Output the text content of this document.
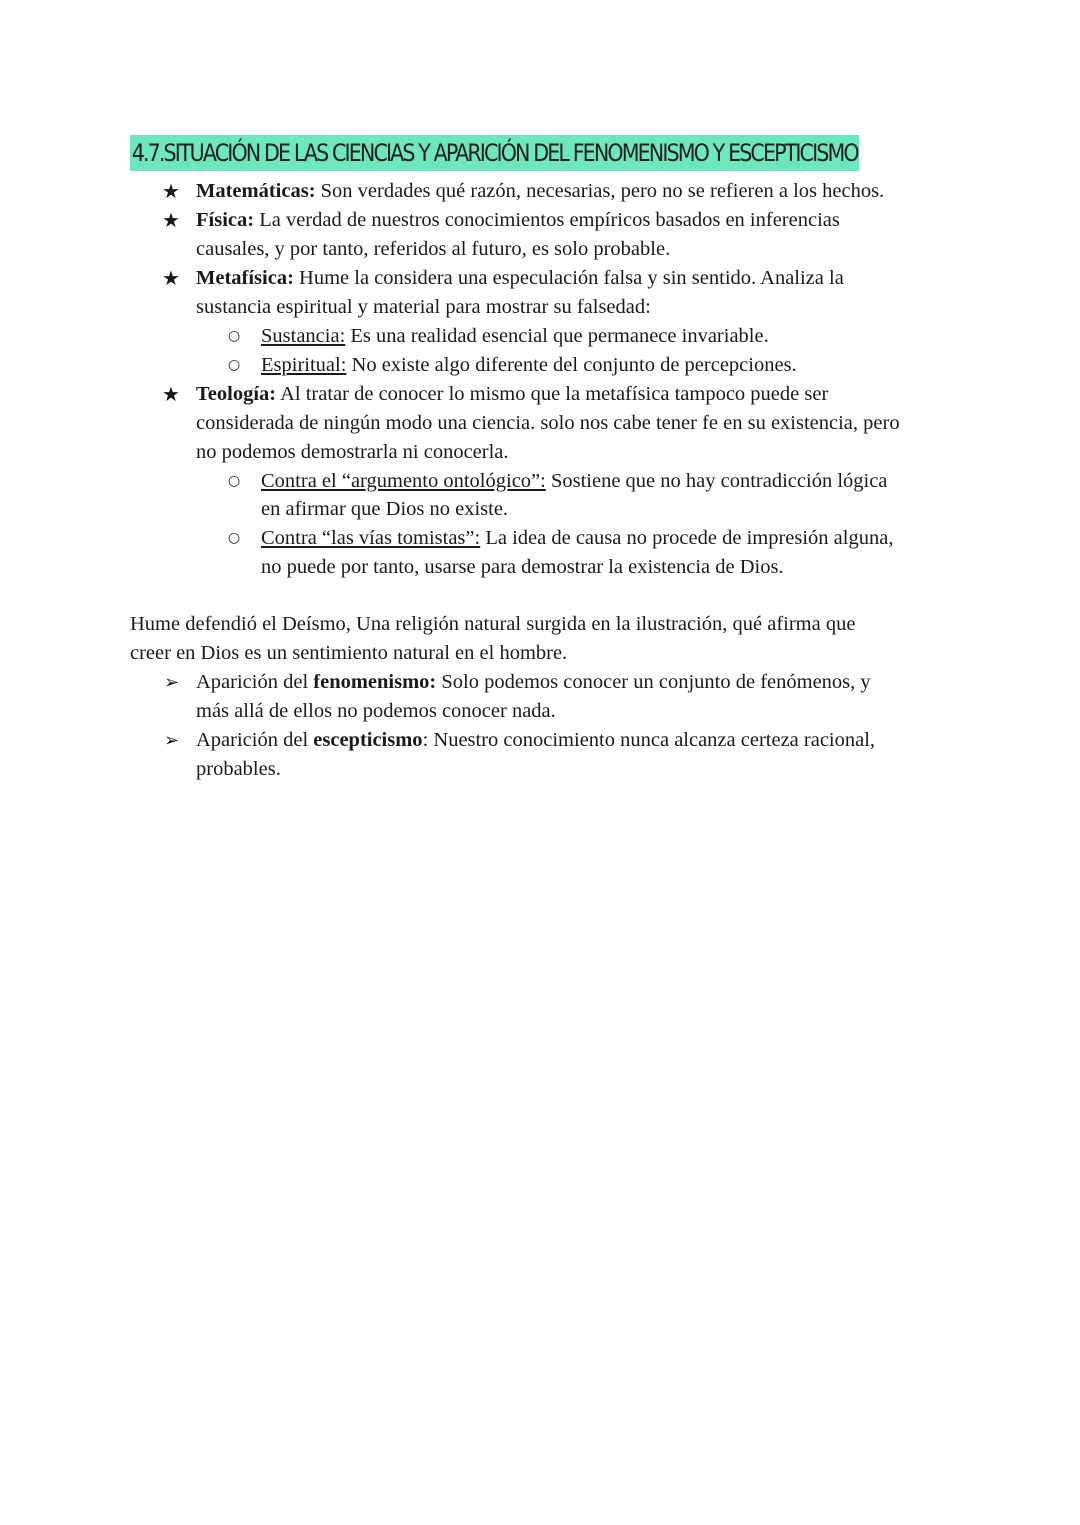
4.7.SITUACIÓN DE LAS CIENCIAS Y APARICIÓN DEL FENOMENISMO Y ESCEPTICISMO
★ Matemáticas: Son verdades qué razón, necesarias, pero no se refieren a los hechos.
★ Física: La verdad de nuestros conocimientos empíricos basados en inferencias
causales, y por tanto, referidos al futuro, es solo probable.
★ Metafísica: Hume la considera una especulación falsa y sin sentido. Analiza la
sustancia espiritual y material para mostrar su falsedad:
○ Sustancia: Es una realidad esencial que permanece invariable.
○ Espiritual: No existe algo diferente del conjunto de percepciones.
★ Teología: Al tratar de conocer lo mismo que la metafísica tampoco puede ser
considerada de ningún modo una ciencia. solo nos cabe tener fe en su existencia, pero
no podemos demostrarla ni conocerla.
○ Contra el “argumento ontológico”: Sostiene que no hay contradicción lógica
en afirmar que Dios no existe.
○ Contra “las vías tomistas”: La idea de causa no procede de impresión alguna,
no puede por tanto, usarse para demostrar la existencia de Dios.
Hume defendió el Deísmo, Una religión natural surgida en la ilustración, qué afirma que
creer en Dios es un sentimiento natural en el hombre.
➢ Aparición del fenomenismo: Solo podemos conocer un conjunto de fenómenos, y
más allá de ellos no podemos conocer nada.
➢ Aparición del escepticismo: Nuestro conocimiento nunca alcanza certeza racional,
probables.
